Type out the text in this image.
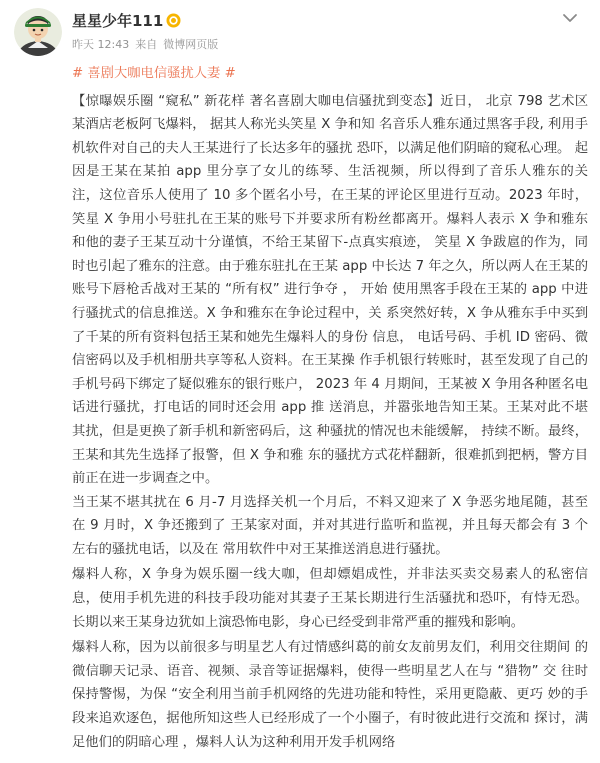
星星少年111
昨天 12:43 来自 微博网页版
# 喜剧大咖电信骚扰人妻 #

【惊曝娱乐圈 “窥私” 新花样 著名喜剧大咖电信骚扰到变态】近日， 北京 798 艺术区某酒店老板阿飞爆料， 据其人称光头笑星 X 争和知 名音乐人雅东通过黑客手段, 利用手机软件对自己的夫人王某进行了长达多年的骚扰 恐吓，以满足他们阴暗的窥私心理。 起因是王某在某拍 app 里分享了女儿的练琴、生活视频，所以得到了音乐人雅东的关 注，这位音乐人使用了 10 多个匿名小号，在王某的评论区里进行互动。2023 年时， 笑星 X 争用小号驻扎在王某的账号下并要求所有粉丝都离开。爆料人表示 X 争和雅东 和他的妻子王某互动十分谨慎，不给王某留下-点真实痕迹， 笑星 X 争跋扈的作为，同时也引起了雅东的注意。由于雅东驻扎在王某 app 中长达 7 年之久，所以两人在王某的账号下唇枪舌战对王某的 “所有权” 进行争夺 ， 开始 使用黑客手段在王某的 app 中进行骚扰式的信息推送。X 争和雅东在争论过程中，关 系突然好转，X 争从雅东手中买到了千某的所有资料包括王某和她先生爆料人的身份 信息， 电话号码、手机 ID 密码、微信密码以及手机相册共享等私人资料。在王某操 作手机银行转账时，甚至发现了自己的手机号码下绑定了疑似雅东的银行账户， 2023 年 4 月期间，王某被 X 争用各种匿名电话进行骚扰，打电话的同时还会用 app 推 送消息，并嚣张地告知王某。王某对此不堪其扰，但是更换了新手机和新密码后，这 种骚扰的情况也未能缓解， 持续不断。最终，王某和其先生选择了报警，但 X 争和雅 东的骚扰方式花样翻新，很难抓到把柄，警方目前正在进一步调查之中。

当王某不堪其扰在 6 月-7 月选择关机一个月后，不料又迎来了 X 争恶劣地尾随，甚至 在 9 月时，X 争还搬到了 王某家对面，并对其进行监听和监视，并且每天都会有 3 个左右的骚扰电话，以及在 常用软件中对王某推送消息进行骚扰。

爆料人称，X 争身为娱乐圈一线大咖，但却嫖娼成性，并非法买卖交易素人的私密信 息，使用手机先进的科技手段功能对其妻子王某长期进行生活骚扰和恐吓，有恃无恐。 长期以来王某身边犹如上演恐怖电影，身心已经受到非常严重的摧残和影响。

爆料人称，因为以前很多与明星艺人有过情感纠葛的前女友前男友们，利用交往期间 的微信聊天记录、语音、视频、录音等证据爆料，使得一些明星艺人在与 “猎物” 交 往时保持警惕，为保 “安全利用当前手机网络的先进功能和特性，采用更隐蔽、更巧 妙的手段来追欢逐色，据他所知这些人已经形成了一个小圈子，有时彼此进行交流和 探讨，满足他们的阴暗心理 ，爆料人认为这种利用开发手机网络
